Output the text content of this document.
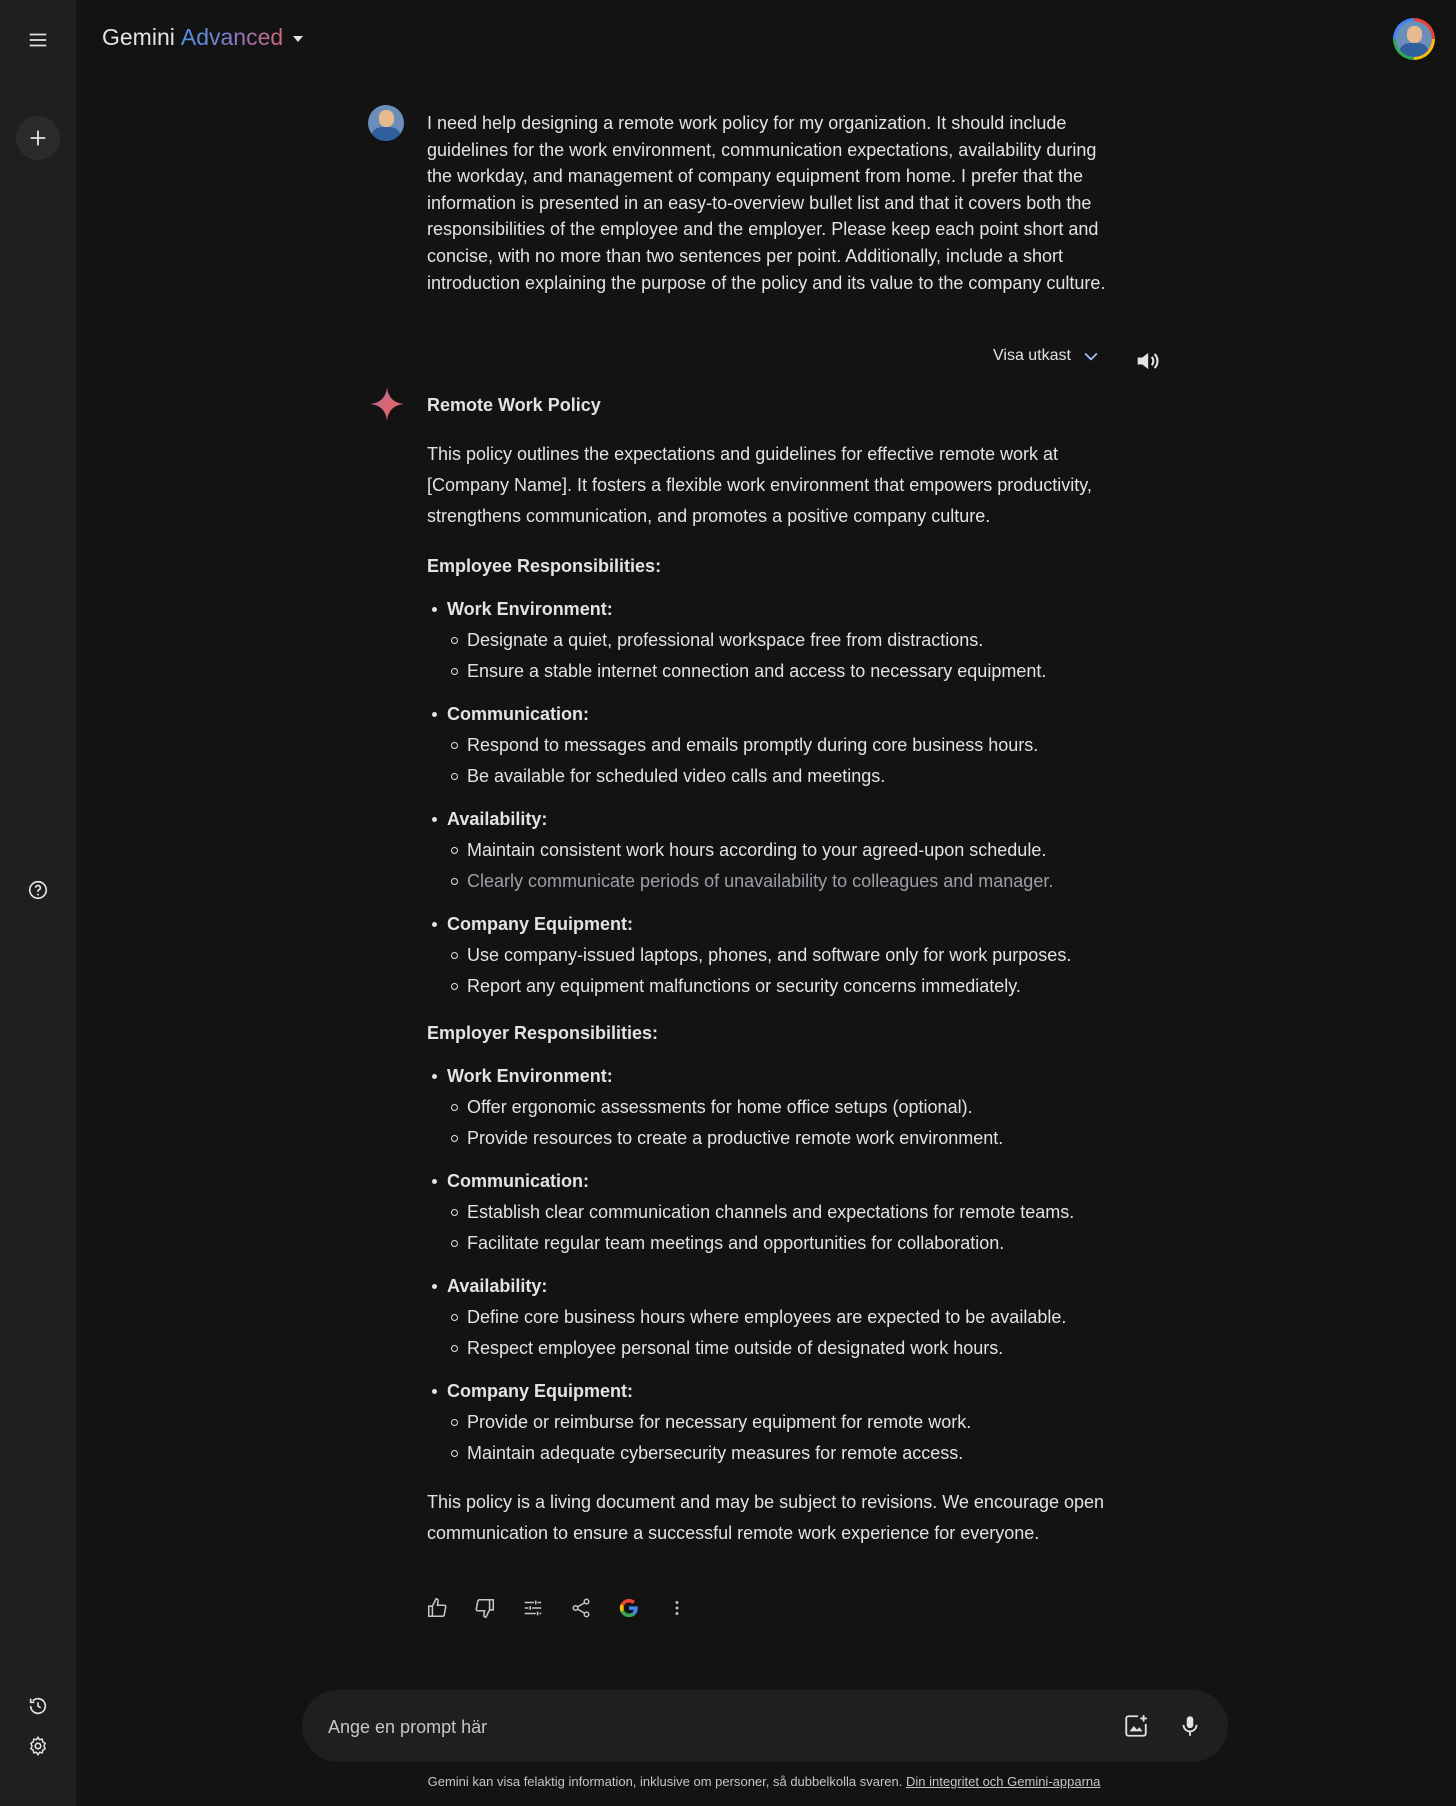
Gemini Advanced
I need help designing a remote work policy for my organization. It should include guidelines for the work environment, communication expectations, availability during the workday, and management of company equipment from home. I prefer that the information is presented in an easy-to-overview bullet list and that it covers both the responsibilities of the employee and the employer. Please keep each point short and concise, with no more than two sentences per point. Additionally, include a short introduction explaining the purpose of the policy and its value to the company culture.
Visa utkast
Remote Work Policy

This policy outlines the expectations and guidelines for effective remote work at [Company Name]. It fosters a flexible work environment that empowers productivity, strengthens communication, and promotes a positive company culture.

Employee Responsibilities:
Work Environment:
Designate a quiet, professional workspace free from distractions.
Ensure a stable internet connection and access to necessary equipment.
Communication:
Respond to messages and emails promptly during core business hours.
Be available for scheduled video calls and meetings.
Availability:
Maintain consistent work hours according to your agreed-upon schedule.
Clearly communicate periods of unavailability to colleagues and manager.
Company Equipment:
Use company-issued laptops, phones, and software only for work purposes.
Report any equipment malfunctions or security concerns immediately.
Employer Responsibilities:
Work Environment:
Offer ergonomic assessments for home office setups (optional).
Provide resources to create a productive remote work environment.
Communication:
Establish clear communication channels and expectations for remote teams.
Facilitate regular team meetings and opportunities for collaboration.
Availability:
Define core business hours where employees are expected to be available.
Respect employee personal time outside of designated work hours.
Company Equipment:
Provide or reimburse for necessary equipment for remote work.
Maintain adequate cybersecurity measures for remote access.

This policy is a living document and may be subject to revisions. We encourage open communication to ensure a successful remote work experience for everyone.

Ange en prompt här
Gemini kan visa felaktig information, inklusive om personer, så dubbelkolla svaren. Din integritet och Gemini-apparna
